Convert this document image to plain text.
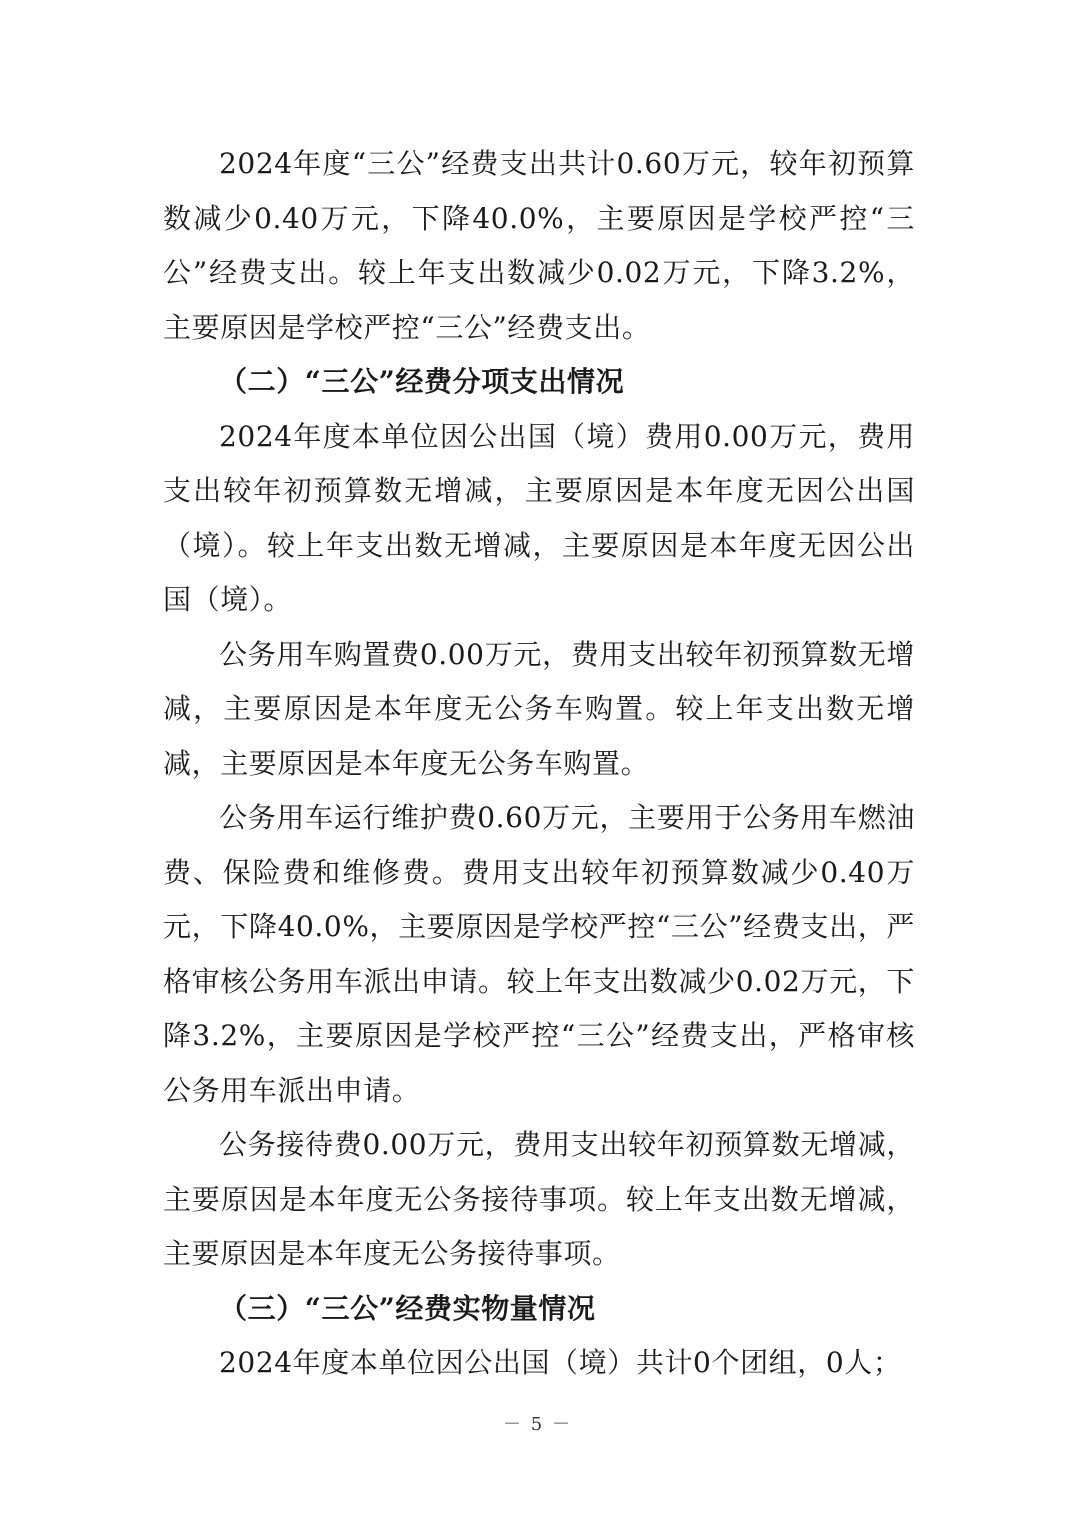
2024年度“三公”经费支出共计0.60万元，较年初预算数减少0.40万元，下降40.0%，主要原因是学校严控“三公”经费支出。较上年支出数减少0.02万元，下降3.2%，主要原因是学校严控“三公”经费支出。

（二）“三公”经费分项支出情况

2024年度本单位因公出国（境）费用0.00万元，费用支出较年初预算数无增减，主要原因是本年度无因公出国（境）。较上年支出数无增减，主要原因是本年度无因公出国（境）。

公务用车购置费0.00万元，费用支出较年初预算数无增减，主要原因是本年度无公务车购置。较上年支出数无增减，主要原因是本年度无公务车购置。

公务用车运行维护费0.60万元，主要用于公务用车燃油费、保险费和维修费。费用支出较年初预算数减少0.40万元，下降40.0%，主要原因是学校严控“三公”经费支出，严格审核公务用车派出申请。较上年支出数减少0.02万元，下降3.2%，主要原因是学校严控“三公”经费支出，严格审核公务用车派出申请。

公务接待费0.00万元，费用支出较年初预算数无增减，主要原因是本年度无公务接待事项。较上年支出数无增减，主要原因是本年度无公务接待事项。

（三）“三公”经费实物量情况

2024年度本单位因公出国（境）共计0个团组，0人；

－ 5 －
